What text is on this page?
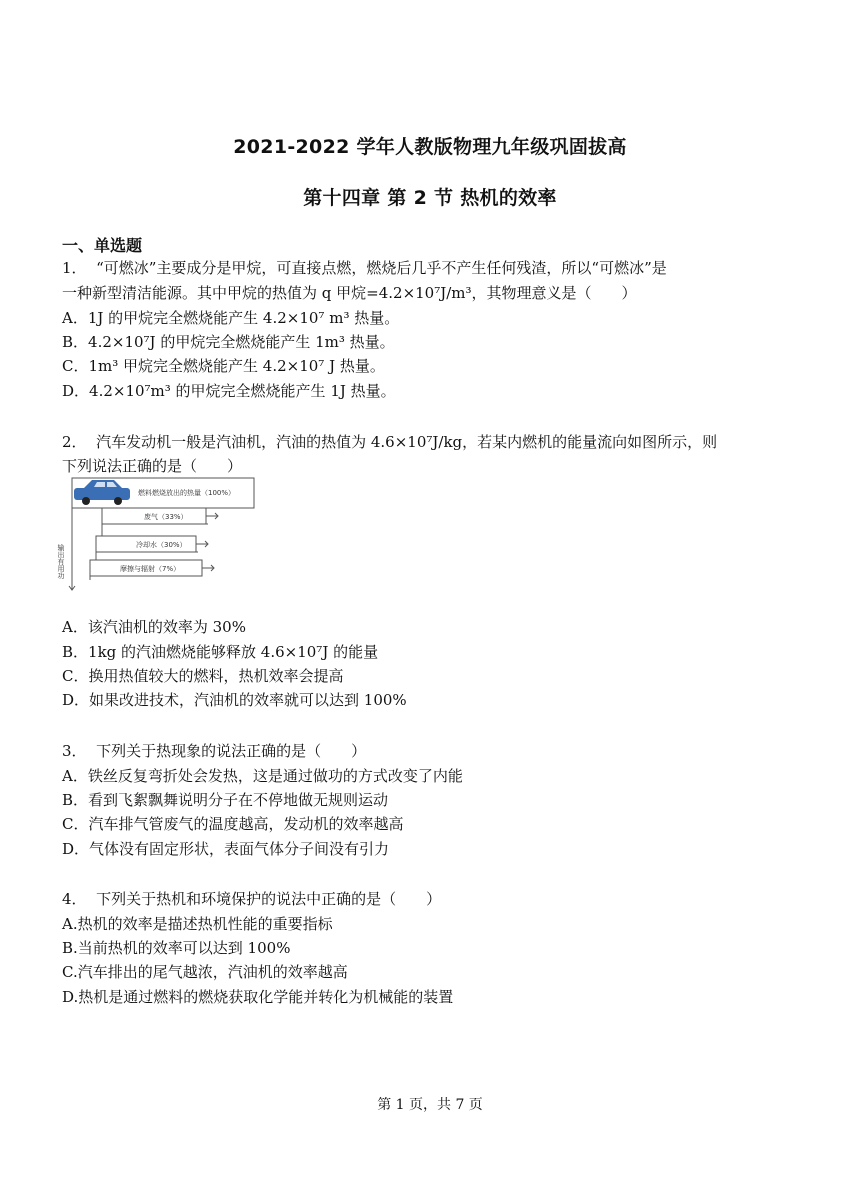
2021-2022 学年人教版物理九年级巩固拔高
第十四章 第 2 节 热机的效率
一、单选题
1． “可燃冰”主要成分是甲烷，可直接点燃，燃烧后几乎不产生任何残渣，所以“可燃冰”是
一种新型清洁能源。其中甲烷的热值为 q 甲烷=4.2×10⁷J/m³，其物理意义是（　　）
A．1J 的甲烷完全燃烧能产生 4.2×10⁷ m³ 热量。
B．4.2×10⁷J 的甲烷完全燃烧能产生 1m³ 热量。
C．1m³ 甲烷完全燃烧能产生 4.2×10⁷ J 热量。
D．4.2×10⁷m³ 的甲烷完全燃烧能产生 1J 热量。
2． 汽车发动机一般是汽油机，汽油的热值为 4.6×10⁷J/kg，若某内燃机的能量流向如图所示，则
下列说法正确的是（　　）
燃料燃烧放出的热量（100%）
废气（33%）
冷却水（30%）
摩擦与辐射（7%）
输出有用功
A．该汽油机的效率为 30%
B．1kg 的汽油燃烧能够释放 4.6×10⁷J 的能量
C．换用热值较大的燃料，热机效率会提高
D．如果改进技术，汽油机的效率就可以达到 100%
3． 下列关于热现象的说法正确的是（　　）
A．铁丝反复弯折处会发热，这是通过做功的方式改变了内能
B．看到飞絮飘舞说明分子在不停地做无规则运动
C．汽车排气管废气的温度越高，发动机的效率越高
D．气体没有固定形状，表面气体分子间没有引力
4． 下列关于热机和环境保护的说法中正确的是（　　）
A.热机的效率是描述热机性能的重要指标
B.当前热机的效率可以达到 100%
C.汽车排出的尾气越浓，汽油机的效率越高
D.热机是通过燃料的燃烧获取化学能并转化为机械能的装置
第 1 页，共 7 页
